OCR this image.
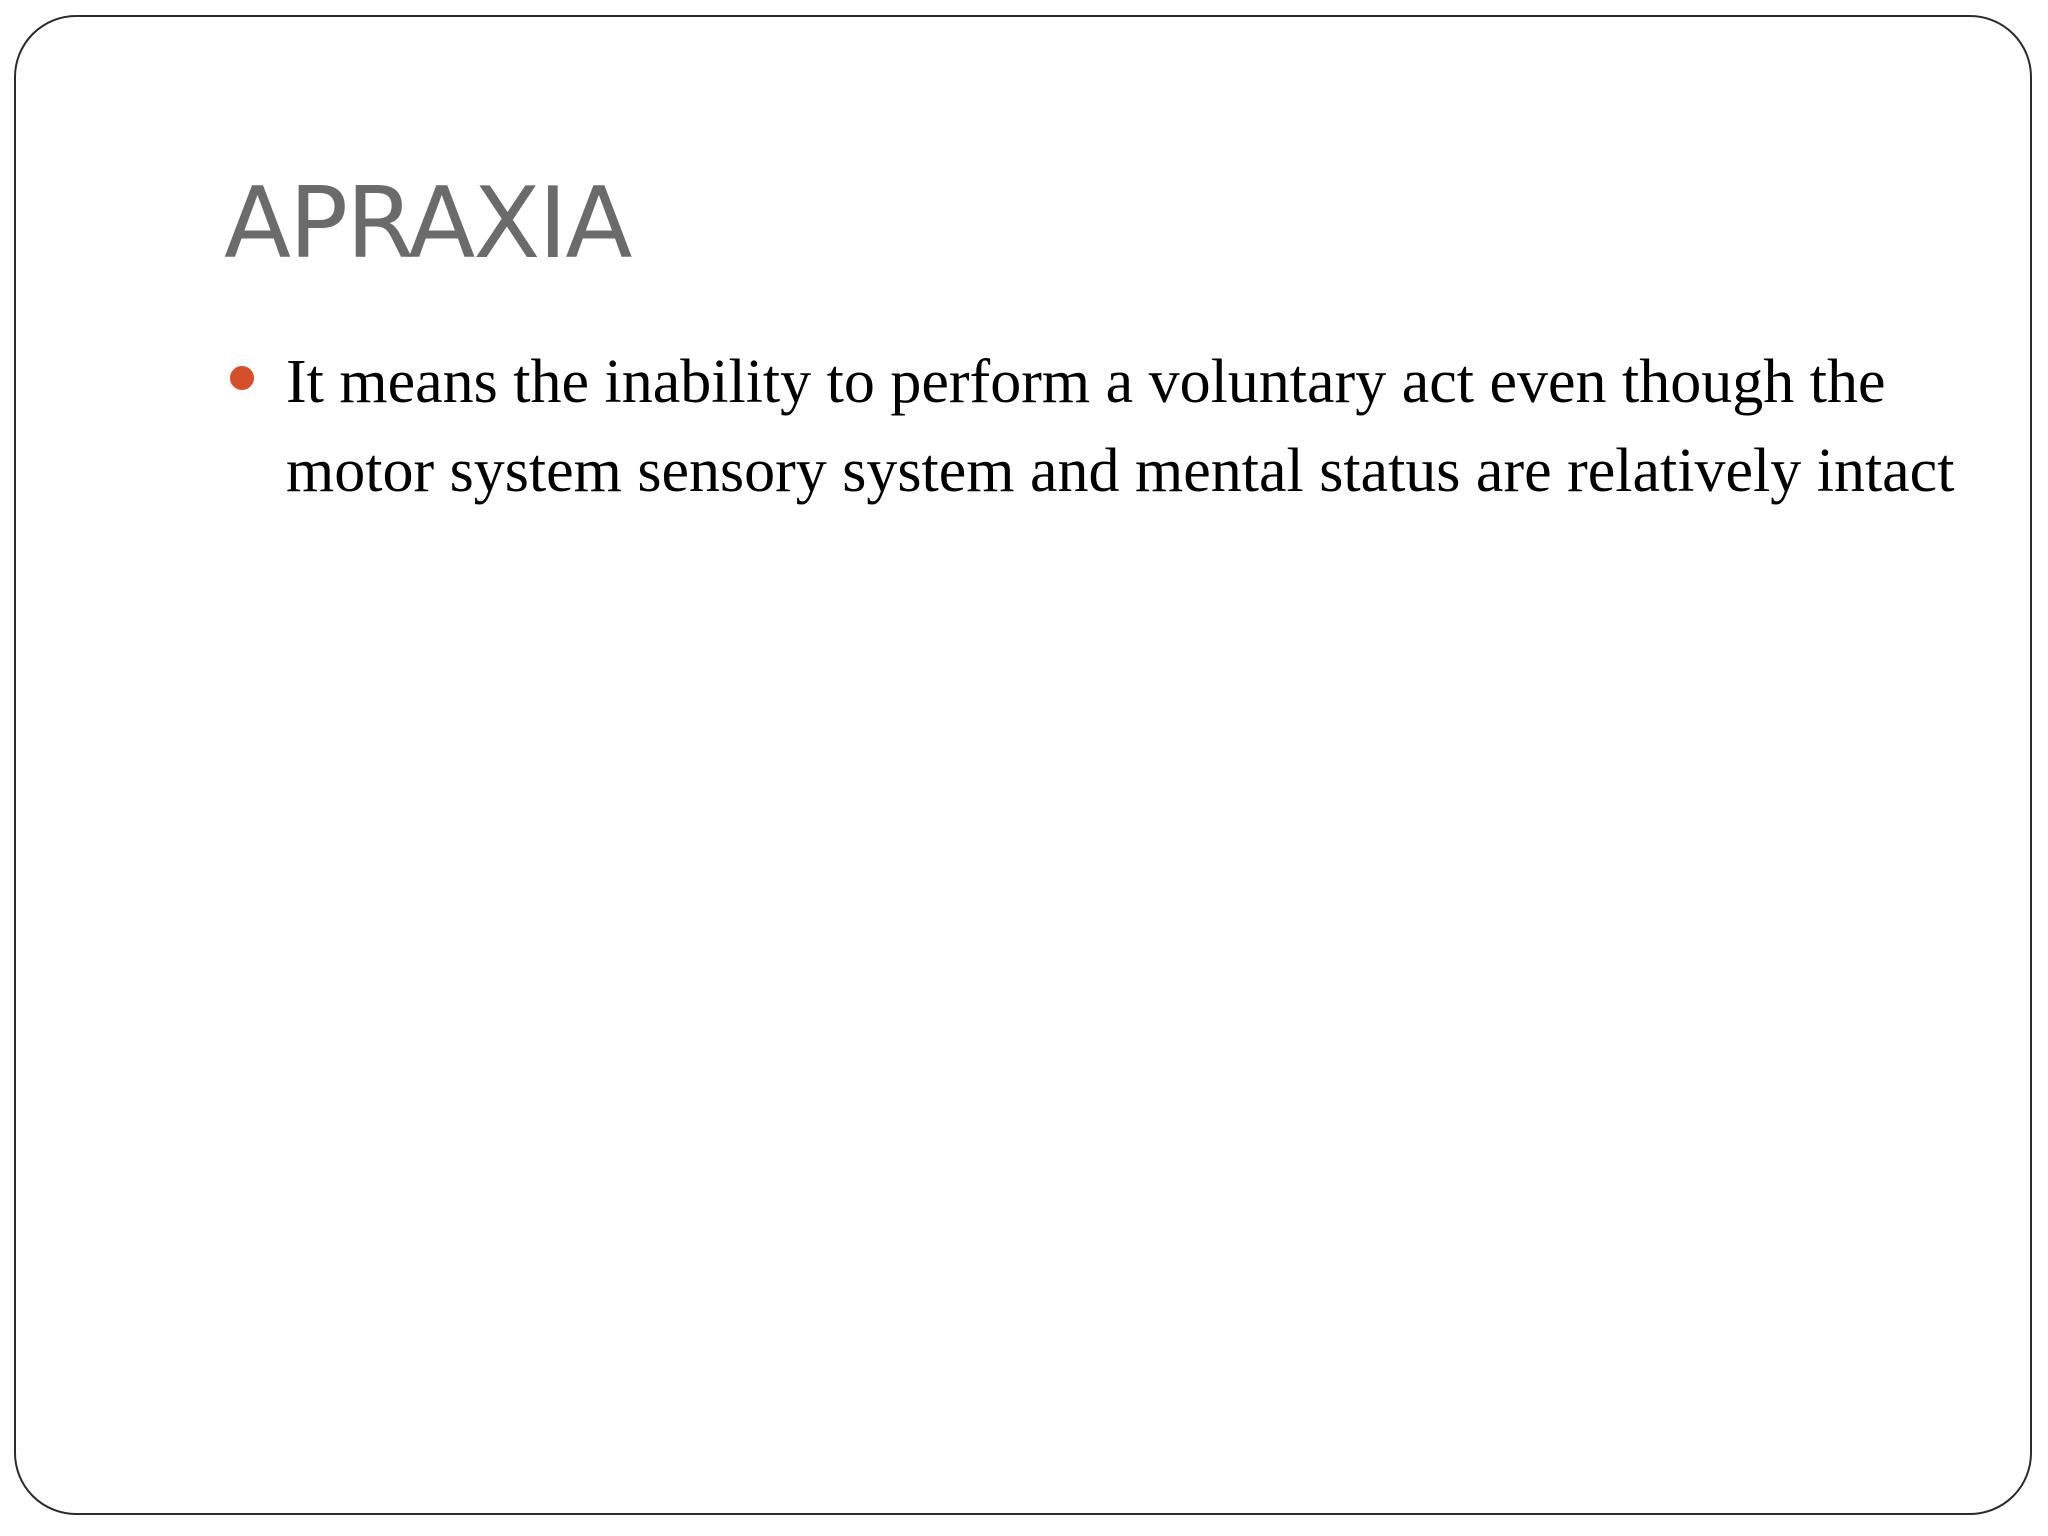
APRAXIA
It means the inability to perform a voluntary act even though the motor system sensory system and mental status are relatively intact
